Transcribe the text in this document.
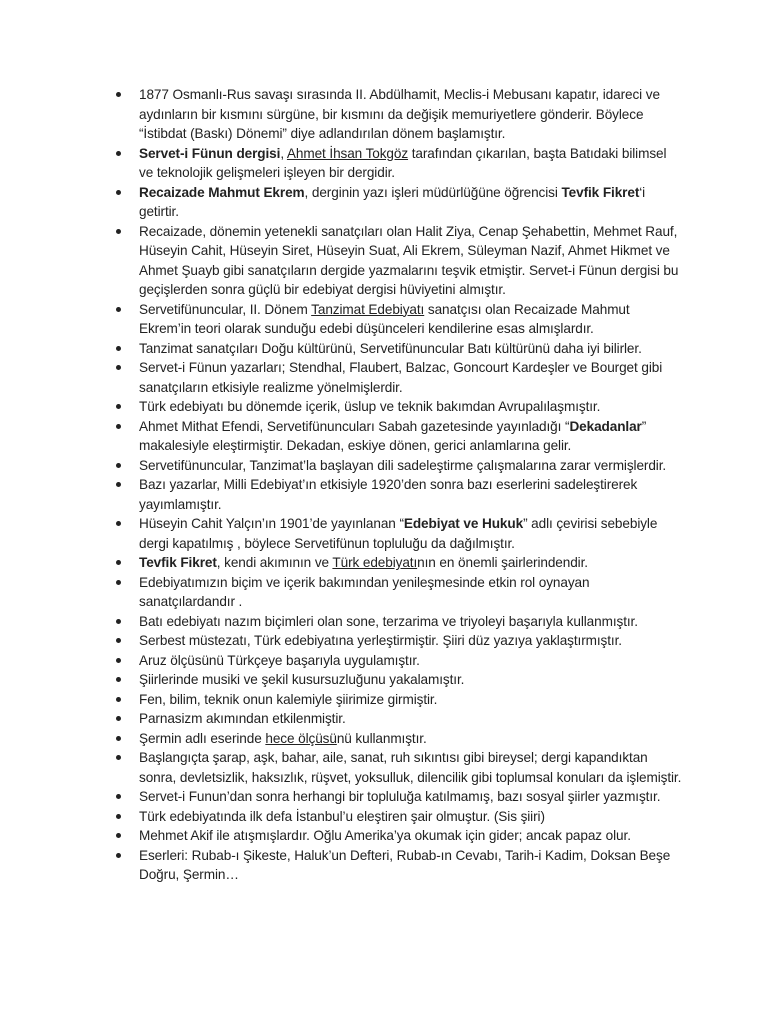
1877 Osmanlı-Rus savaşı sırasında II. Abdülhamit, Meclis-i Mebusanı kapatır, idareci ve aydınların bir kısmını sürgüne, bir kısmını da değişik memuriyetlere gönderir. Böylece “İstibdat (Baskı) Dönemi” diye adlandırılan dönem başlamıştır.
Servet-i Fünun dergisi, Ahmet İhsan Tokgöz tarafından çıkarılan, başta Batıdaki bilimsel ve teknolojik gelişmeleri işleyen bir dergidir.
Recaizade Mahmut Ekrem, derginin yazı işleri müdürlüğüne öğrencisi Tevfik Fikret‘i getirtir.
Recaizade, dönemin yetenekli sanatçıları olan Halit Ziya, Cenap Şehabettin, Mehmet Rauf, Hüseyin Cahit, Hüseyin Siret, Hüseyin Suat, Ali Ekrem, Süleyman Nazif, Ahmet Hikmet ve Ahmet Şuayb gibi sanatçıların dergide yazmalarını teşvik etmiştir. Servet-i Fünun dergisi bu geçişlerden sonra güçlü bir edebiyat dergisi hüviyetini almıştır.
Servetifünuncular, II. Dönem Tanzimat Edebiyatı sanatçısı olan Recaizade Mahmut Ekrem’in teori olarak sunduğu edebi düşünceleri kendilerine esas almışlardır.
Tanzimat sanatçıları Doğu kültürünü, Servetifünuncular Batı kültürünü daha iyi bilirler.
Servet-i Fünun yazarları; Stendhal, Flaubert, Balzac, Goncourt Kardeşler ve Bourget gibi sanatçıların etkisiyle realizme yönelmişlerdir.
Türk edebiyatı bu dönemde içerik, üslup ve teknik bakımdan Avrupalılaşmıştır.
Ahmet Mithat Efendi, Servetifünuncuları Sabah gazetesinde yayınladığı “Dekadanlar” makalesiyle eleştirmiştir. Dekadan, eskiye dönen, gerici anlamlarına gelir.
Servetifünuncular, Tanzimat’la başlayan dili sadeleştirme çalışmalarına zarar vermişlerdir.
Bazı yazarlar, Milli Edebiyat’ın etkisiyle 1920’den sonra bazı eserlerini sadeleştirerek yayımlamıştır.
Hüseyin Cahit Yalçın’ın 1901’de yayınlanan “Edebiyat ve Hukuk” adlı çevirisi sebebiyle dergi kapatılmış , böylece Servetifünun topluluğu da dağılmıştır.
Tevfik Fikret, kendi akımının ve Türk edebiyatının en önemli şairlerindendir.
Edebiyatımızın biçim ve içerik bakımından yenileşmesinde etkin rol oynayan sanatçılardandır .
Batı edebiyatı nazım biçimleri olan sone, terzarima ve triyoleyi başarıyla kullanmıştır.
Serbest müstezatı, Türk edebiyatına yerleştirmiştir. Şiiri düz yazıya yaklaştırmıştır.
Aruz ölçüsünü Türkçeye başarıyla uygulamıştır.
Şiirlerinde musiki ve şekil kusursuzluğunu yakalamıştır.
Fen, bilim, teknik onun kalemiyle şiirimize girmiştir.
Parnasizm akımından etkilenmiştir.
Şermin adlı eserinde hece ölçüsünü kullanmıştır.
Başlangıçta şarap, aşk, bahar, aile, sanat, ruh sıkıntısı gibi bireysel; dergi kapandıktan sonra, devletsizlik, haksızlık, rüşvet, yoksulluk, dilencilik gibi toplumsal konuları da işlemiştir.
Servet-i Funun’dan sonra herhangi bir topluluğa katılmamış, bazı sosyal şiirler yazmıştır.
Türk edebiyatında ilk defa İstanbul’u eleştiren şair olmuştur. (Sis şiiri)
Mehmet Akif ile atışmışlardır. Oğlu Amerika’ya okumak için gider; ancak papaz olur.
Eserleri: Rubab-ı Şikeste, Haluk’un Defteri, Rubab-ın Cevabı, Tarih-i Kadim, Doksan Beşe Doğru, Şermin…
